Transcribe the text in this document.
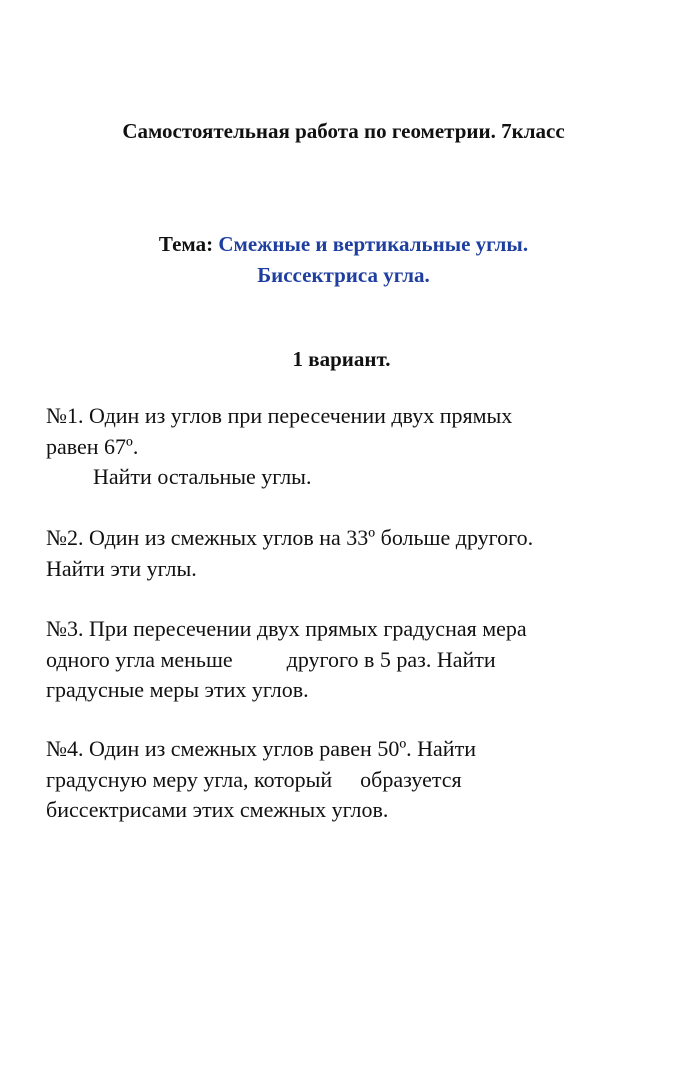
Самостоятельная работа по геометрии. 7класс
Тема: Смежные и вертикальные углы.
Биссектриса угла.
1 вариант.
№1. Один из углов при пересечении двух прямых
равен 67º.
Найти остальные углы.
№2. Один из смежных углов на 33º больше другого.
Найти эти углы.
№3. При пересечении двух прямых градусная мера
одного угла меньше другого в 5 раз. Найти
градусные меры этих углов.
№4. Один из смежных углов равен 50º. Найти
градусную меру угла, который образуется
биссектрисами этих смежных углов.
